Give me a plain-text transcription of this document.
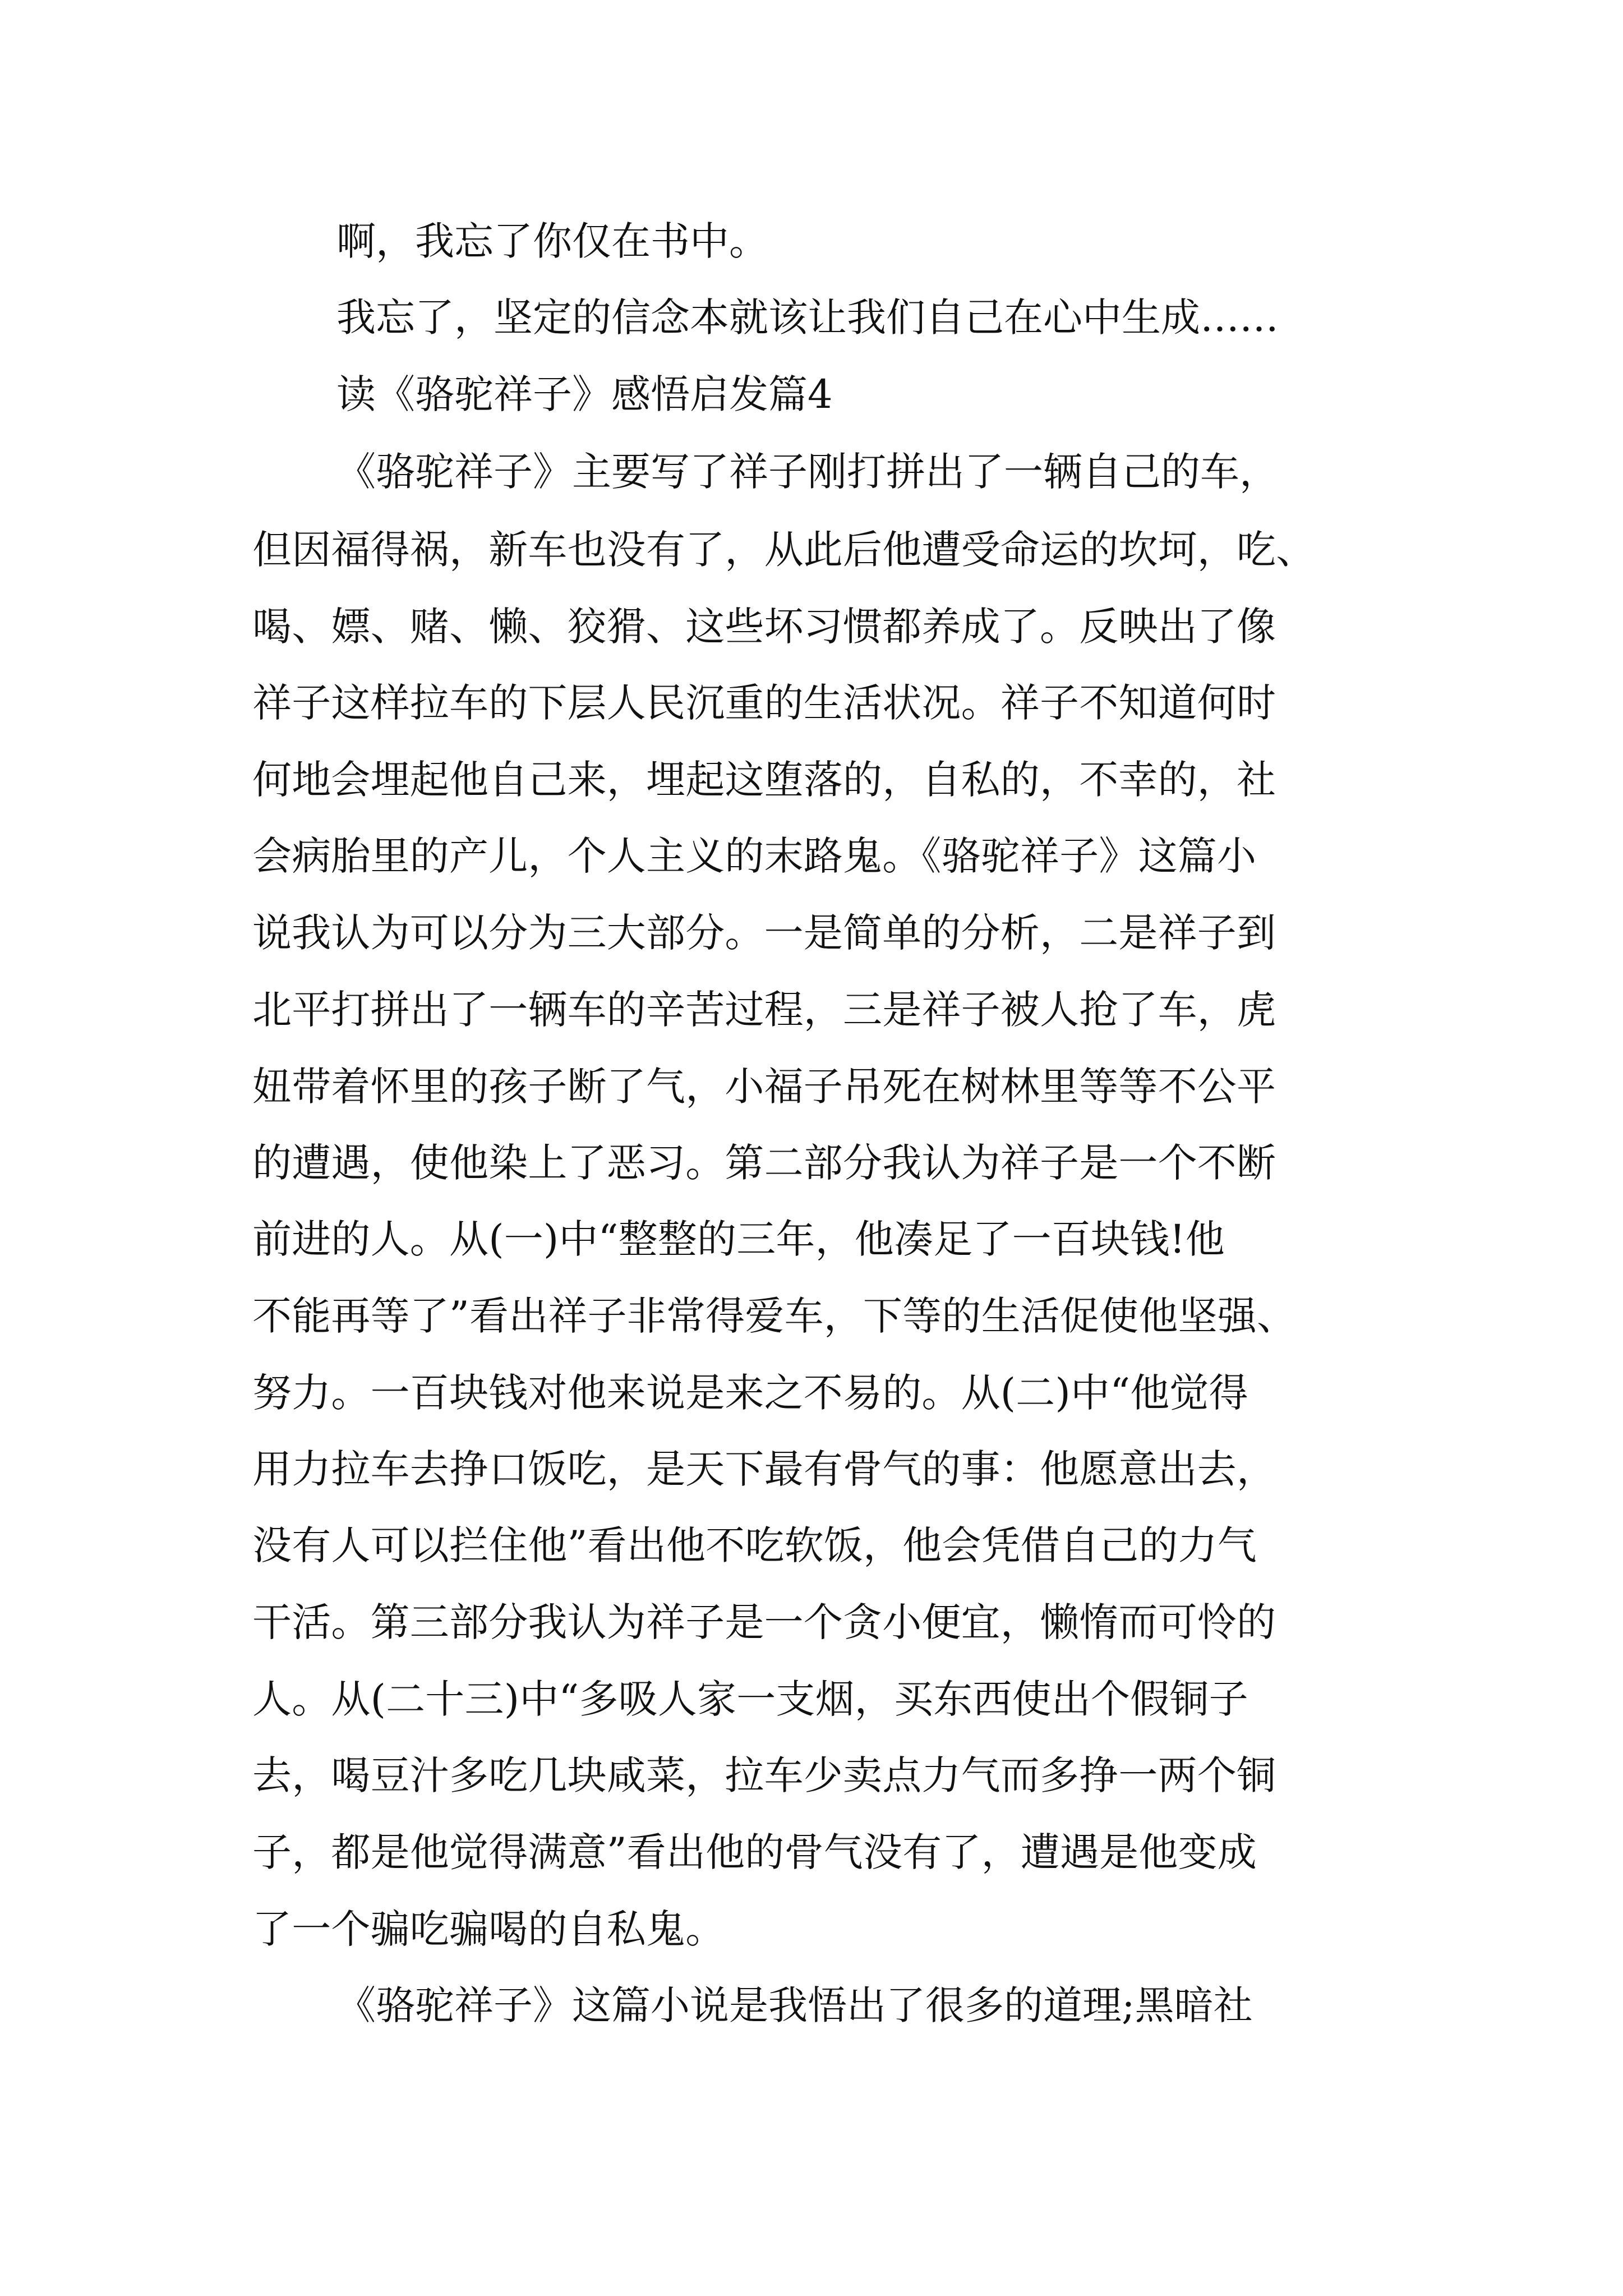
啊，我忘了你仅在书中。
我忘了，坚定的信念本就该让我们自己在心中生成……
读《骆驼祥子》感悟启发篇4
《骆驼祥子》主要写了祥子刚打拼出了一辆自己的车，
但因福得祸，新车也没有了，从此后他遭受命运的坎坷，吃、
喝、嫖、赌、懒、狡猾、这些坏习惯都养成了。反映出了像
祥子这样拉车的下层人民沉重的生活状况。祥子不知道何时
何地会埋起他自己来，埋起这堕落的，自私的，不幸的，社
会病胎里的产儿，个人主义的末路鬼。《骆驼祥子》这篇小
说我认为可以分为三大部分。一是简单的分析，二是祥子到
北平打拼出了一辆车的辛苦过程，三是祥子被人抢了车，虎
妞带着怀里的孩子断了气，小福子吊死在树林里等等不公平
的遭遇，使他染上了恶习。第二部分我认为祥子是一个不断
前进的人。从(一)中“整整的三年，他凑足了一百块钱!他
不能再等了”看出祥子非常得爱车，下等的生活促使他坚强、
努力。一百块钱对他来说是来之不易的。从(二)中“他觉得
用力拉车去挣口饭吃，是天下最有骨气的事：他愿意出去，
没有人可以拦住他”看出他不吃软饭，他会凭借自己的力气
干活。第三部分我认为祥子是一个贪小便宜，懒惰而可怜的
人。从(二十三)中“多吸人家一支烟，买东西使出个假铜子
去，喝豆汁多吃几块咸菜，拉车少卖点力气而多挣一两个铜
子，都是他觉得满意”看出他的骨气没有了，遭遇是他变成
了一个骗吃骗喝的自私鬼。
《骆驼祥子》这篇小说是我悟出了很多的道理;黑暗社
